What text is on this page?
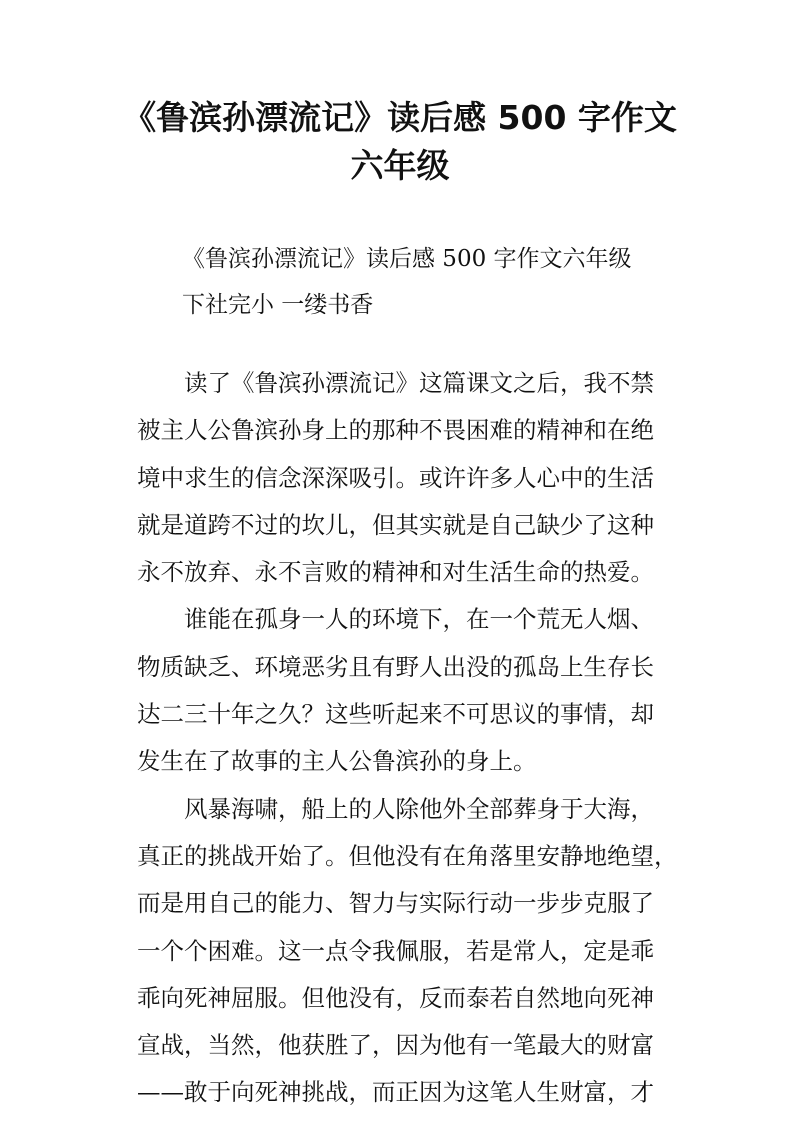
《鲁滨孙漂流记》读后感 500 字作文
六年级
《鲁滨孙漂流记》读后感 500 字作文六年级
下社完小 一缕书香
读了《鲁滨孙漂流记》这篇课文之后，我不禁
被主人公鲁滨孙身上的那种不畏困难的精神和在绝
境中求生的信念深深吸引。或许许多人心中的生活
就是道跨不过的坎儿，但其实就是自己缺少了这种
永不放弃、永不言败的精神和对生活生命的热爱。
谁能在孤身一人的环境下，在一个荒无人烟、
物质缺乏、环境恶劣且有野人出没的孤岛上生存长
达二三十年之久？这些听起来不可思议的事情，却
发生在了故事的主人公鲁滨孙的身上。
风暴海啸，船上的人除他外全部葬身于大海，
真正的挑战开始了。但他没有在角落里安静地绝望，
而是用自己的能力、智力与实际行动一步步克服了
一个个困难。这一点令我佩服，若是常人，定是乖
乖向死神屈服。但他没有，反而泰若自然地向死神
宣战，当然，他获胜了，因为他有一笔最大的财富
——敢于向死神挑战，而正因为这笔人生财富，才
